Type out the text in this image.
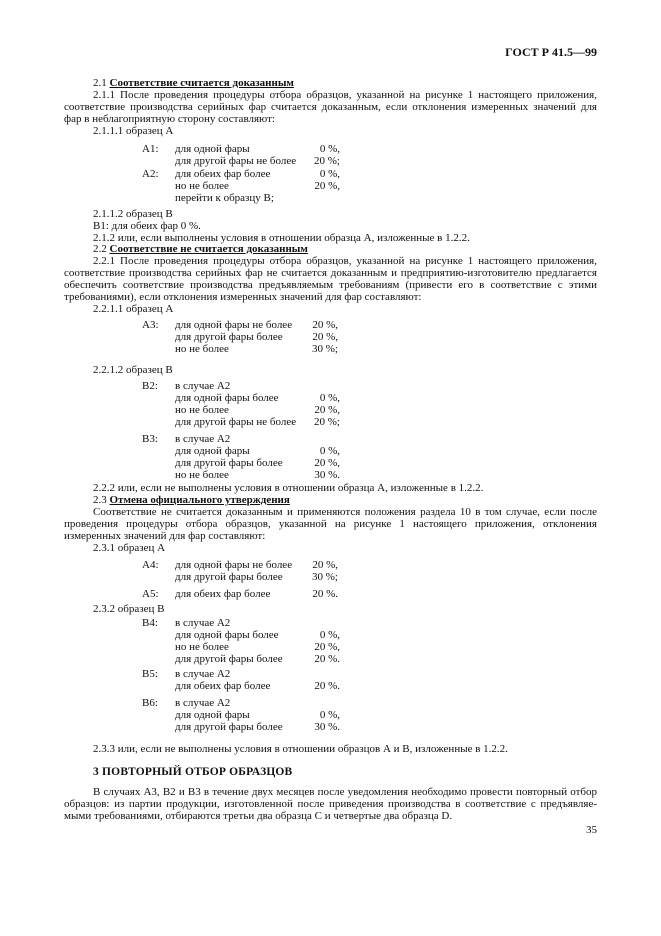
ГОСТ Р 41.5—99
2.1 Соответствие считается доказанным
2.1.1 После проведения процедуры отбора образцов, указанной на рисунке 1 настоящего приложения,
соответствие производства серийных фар считается доказанным, если отклонения измеренных значений для
фар в неблагоприятную сторону составляют:
2.1.1.1 образец А
2.1.1.2 образец В
В1: для обеих фар 0 %.
2.1.2 или, если выполнены условия в отношении образца А, изложенные в 1.2.2.
2.2 Соответствие не считается доказанным
2.2.1 После проведения процедуры отбора образцов, указанной на рисунке 1 настоящего приложения,
соответствие производства серийных фар не считается доказанным и предприятию-изготовителю предлагается
обеспечить соответствие производства предъявляемым требованиям (привести его в соответствие с этими
требованиями), если отклонения измеренных значений для фар составляют:
2.2.1.1 образец А
2.2.1.2 образец В
2.2.2 или, если не выполнены условия в отношении образца А, изложенные в 1.2.2.
2.3 Отмена официального утверждения
Соответствие не считается доказанным и применяются положения раздела 10 в том случае, если после
проведения процедуры отбора образцов, указанной на рисунке 1 настоящего приложения, отклонения
измеренных значений для фар составляют:
2.3.1 образец А
2.3.2 образец В
2.3.3 или, если не выполнены условия в отношении образцов А и В, изложенные в 1.2.2.
3 ПОВТОРНЫЙ ОТБОР ОБРАЗЦОВ
В случаях А3, В2 и В3 в течение двух месяцев после уведомления необходимо провести повторный отбор
образцов: из партии продукции, изготовленной после приведения производства в соответствие с предъявляе-
мыми требованиями, отбираются третьи два образца С и четвертые два образца D.
А1: для одной фары	0 %,
для другой фары не более 20 %;
А2: для обеих фар более	0 %,
но не более	20 %,
перейти к образцу В;
А3: для одной фары не более 20 %,
для другой фары более	20 %,
но не более	30 %;
В2: в случае А2
для одной фары более	0 %,
но не более	20 %,
для другой фары не более 20 %;
В3: в случае А2
для одной фары	0 %,
для другой фары более	20 %,
но не более	30 %.
А4: для одной фары не более 20 %,
для другой фары более	30 %;
А5: для обеих фар более	20 %.
В4: в случае А2
для одной фары более	0 %,
но не более	20 %,
для другой фары более	20 %.
В5: в случае А2
для обеих фар более	20 %.
В6: в случае А2
для одной фары	0 %,
для другой фары более	30 %.
35
